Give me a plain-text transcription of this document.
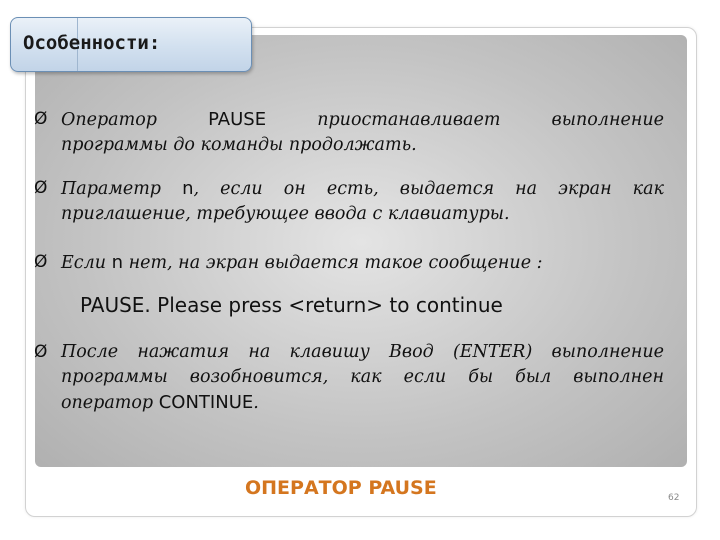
Особенности:
Ø Оператор	PAUSE	приостанавливает выполнение
программы до команды продолжать.
Ø Параметр n, если он есть, выдается на экран как
приглашение, требующее ввода с клавиатуры.
Ø Если n нет, на экран выдается такое сообщение :
PAUSE. Please press <return> to continue
Ø После нажатия на клавишу Ввод (ENTER) выполнение
программы возобновится, как если бы был выполнен
оператор CONTINUE.
ОПЕРАТОР PAUSE	62
